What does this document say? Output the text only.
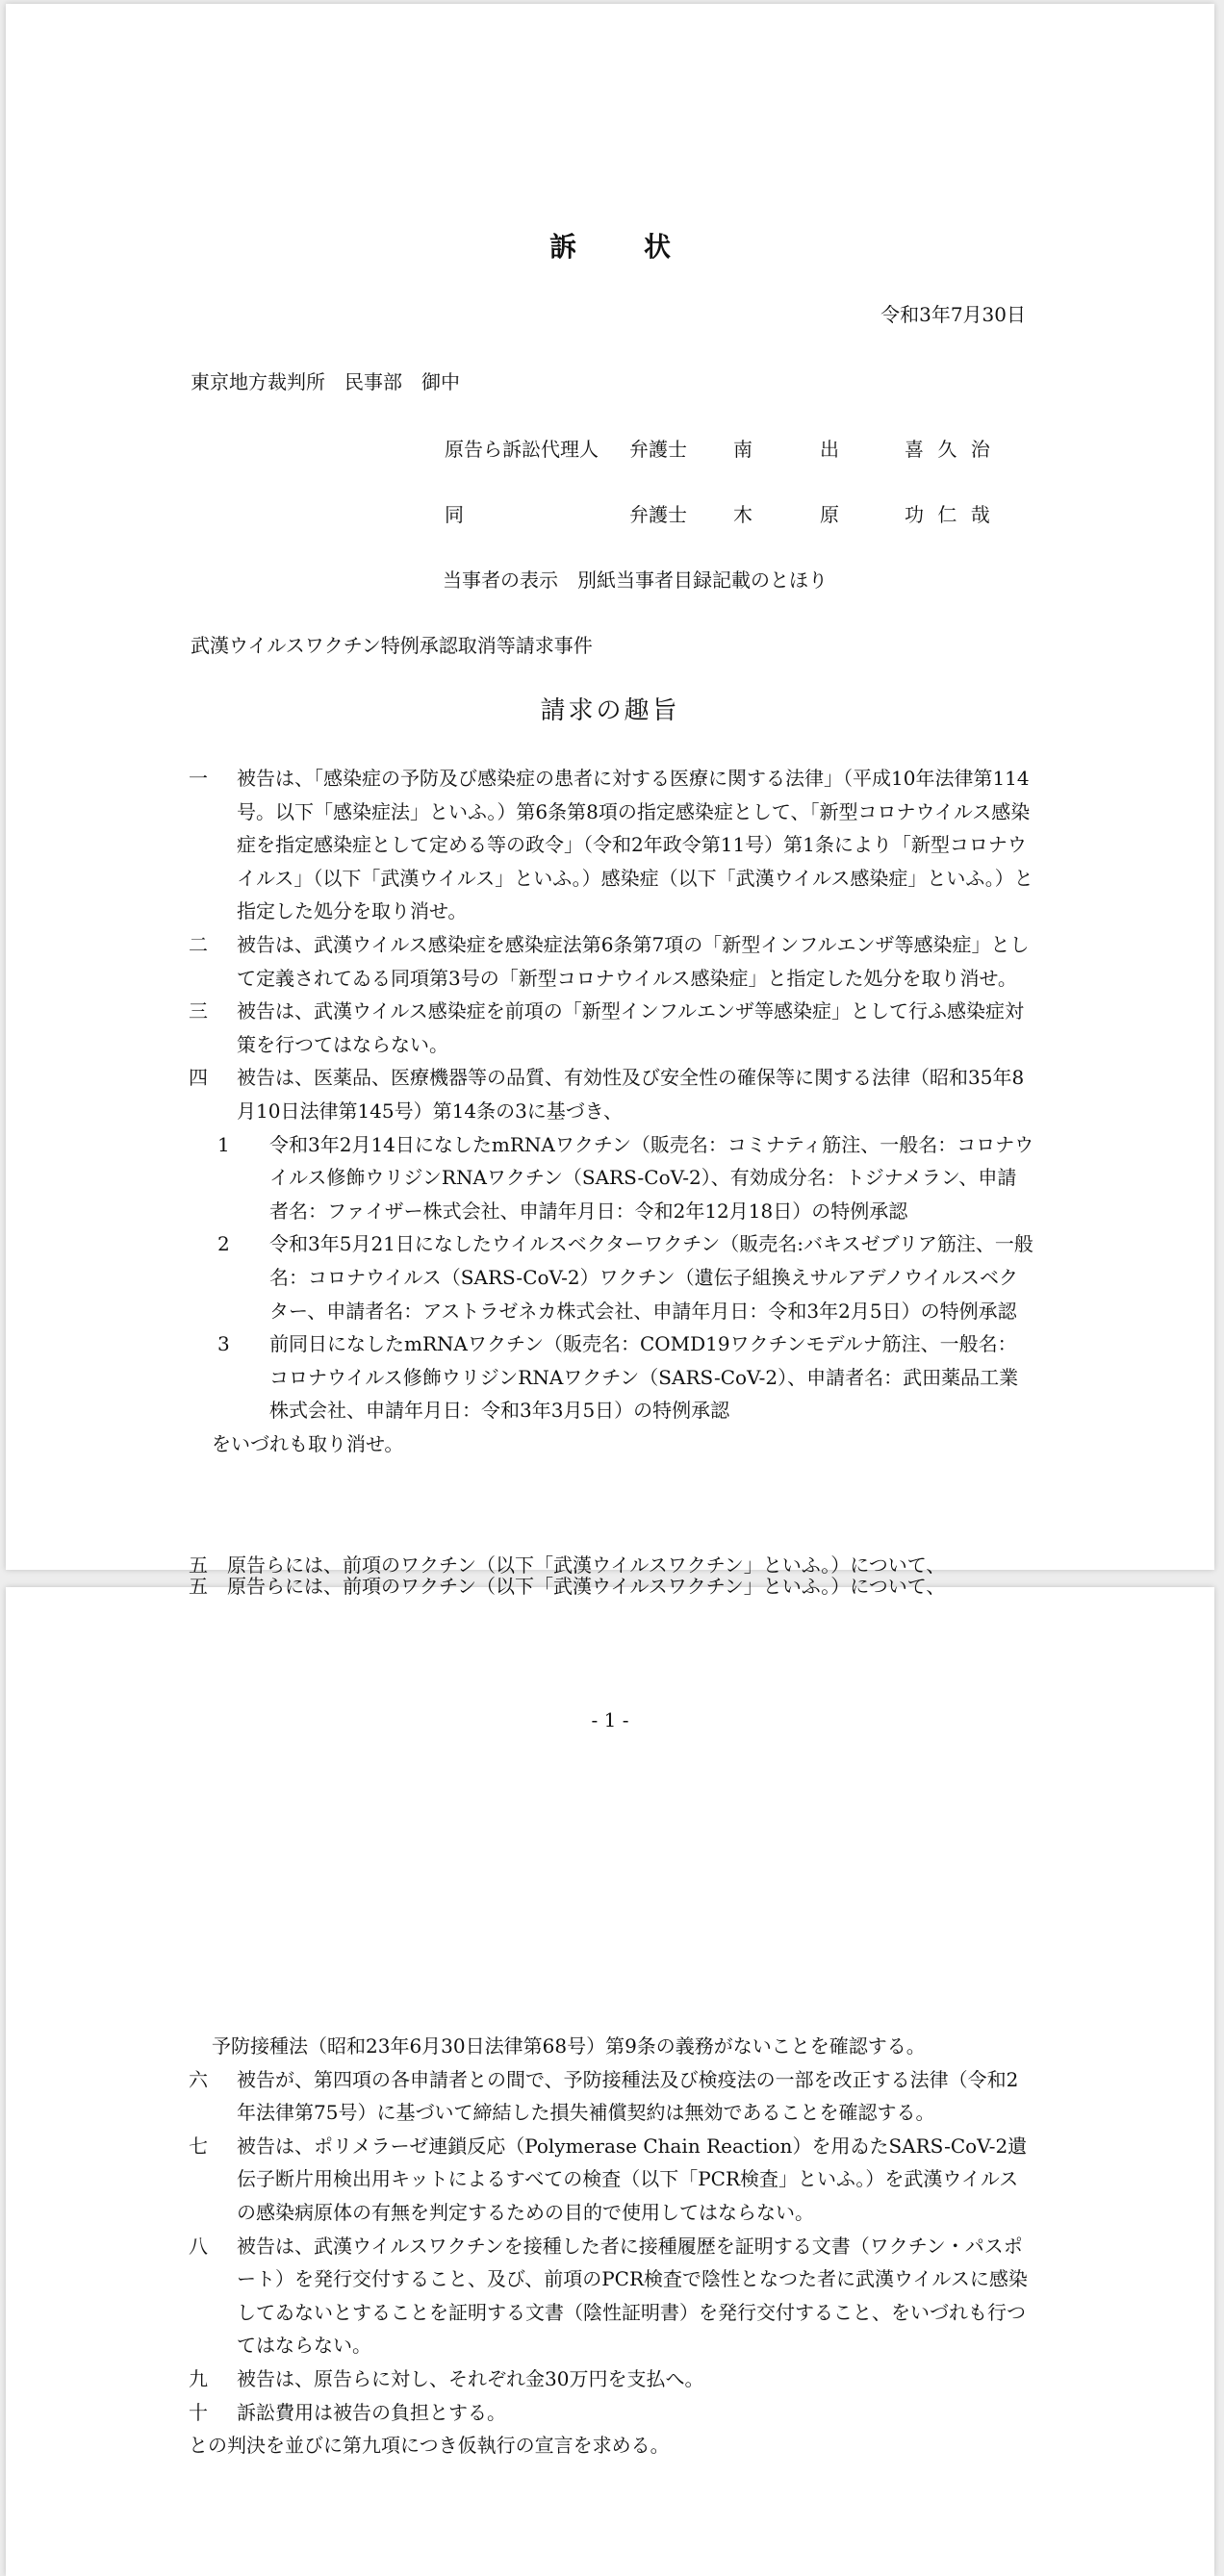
訴状
令和3年7月30日
東京地方裁判所　民事部　御中
原告ら訴訟代理人 弁護士 南	出	喜 久 治
同	弁護士 木	原	功 仁 哉
当事者の表示　別紙当事者目録記載のとほり
武漢ウイルスワクチン特例承認取消等請求事件
請求の趣旨
一 被告は、「感染症の予防及び感染症の患者に対する医療に関する法律」（平成10年法律第114号。以下「感染症法」といふ。）第6条第8項の指定感染症として、「新型コロナウイルス感染症を指定感染症として定める等の政令」（令和2年政令第11号）第1条により「新型コロナウイルス」（以下「武漢ウイルス」といふ。）感染症（以下「武漢ウイルス感染症」といふ。）と指定した処分を取り消せ。
二 被告は、武漢ウイルス感染症を感染症法第6条第7項の「新型インフルエンザ等感染症」として定義されてゐる同項第3号の「新型コロナウイルス感染症」と指定した処分を取り消せ。
三 被告は、武漢ウイルス感染症を前項の「新型インフルエンザ等感染症」として行ふ感染症対策を行つてはならない。
四 被告は、医薬品、医療機器等の品質、有効性及び安全性の確保等に関する法律（昭和35年8月10日法律第145号）第14条の3に基づき、
1 令和3年2月14日になしたmRNAワクチン（販売名：コミナティ筋注、一般名：コロナウイルス修飾ウリジンRNAワクチン（SARS-CoV-2）、有効成分名：トジナメラン、申請者名：ファイザー株式会社、申請年月日：令和2年12月18日）の特例承認
2 令和3年5月21日になしたウイルスベクターワクチン（販売名:バキスゼブリア筋注、一般名：コロナウイルス（SARS-CoV-2）ワクチン（遺伝子組換えサルアデノウイルスベクター、申請者名：アストラゼネカ株式会社、申請年月日：令和3年2月5日）の特例承認
3 前同日になしたmRNAワクチン（販売名：COMD19ワクチンモデルナ筋注、一般名：コロナウイルス修飾ウリジンRNAワクチン（SARS-CoV-2）、申請者名：武田薬品工業株式会社、申請年月日：令和3年3月5日）の特例承認
をいづれも取り消せ。
五　原告らには、前項のワクチン（以下「武漢ウイルスワクチン」といふ。）について、
五　原告らには、前項のワクチン（以下「武漢ウイルスワクチン」といふ。）について、
- 1 -
予防接種法（昭和23年6月30日法律第68号）第9条の義務がないことを確認する。
六 被告が、第四項の各申請者との間で、予防接種法及び検疫法の一部を改正する法律（令和2年法律第75号）に基づいて締結した損失補償契約は無効であることを確認する。
七 被告は、ポリメラーゼ連鎖反応（Polymerase Chain Reaction）を用ゐたSARS-CoV-2遺伝子断片用検出用キットによるすべての検査（以下「PCR検査」といふ。）を武漢ウイルスの感染病原体の有無を判定するための目的で使用してはならない。
八 被告は、武漢ウイルスワクチンを接種した者に接種履歴を証明する文書（ワクチン・パスポート）を発行交付すること、及び、前項のPCR検査で陰性となつた者に武漢ウイルスに感染してゐないとすることを証明する文書（陰性証明書）を発行交付すること、をいづれも行つてはならない。
九 被告は、原告らに対し、それぞれ金30万円を支払へ。
十 訴訟費用は被告の負担とする。
との判決を並びに第九項につき仮執行の宣言を求める。
